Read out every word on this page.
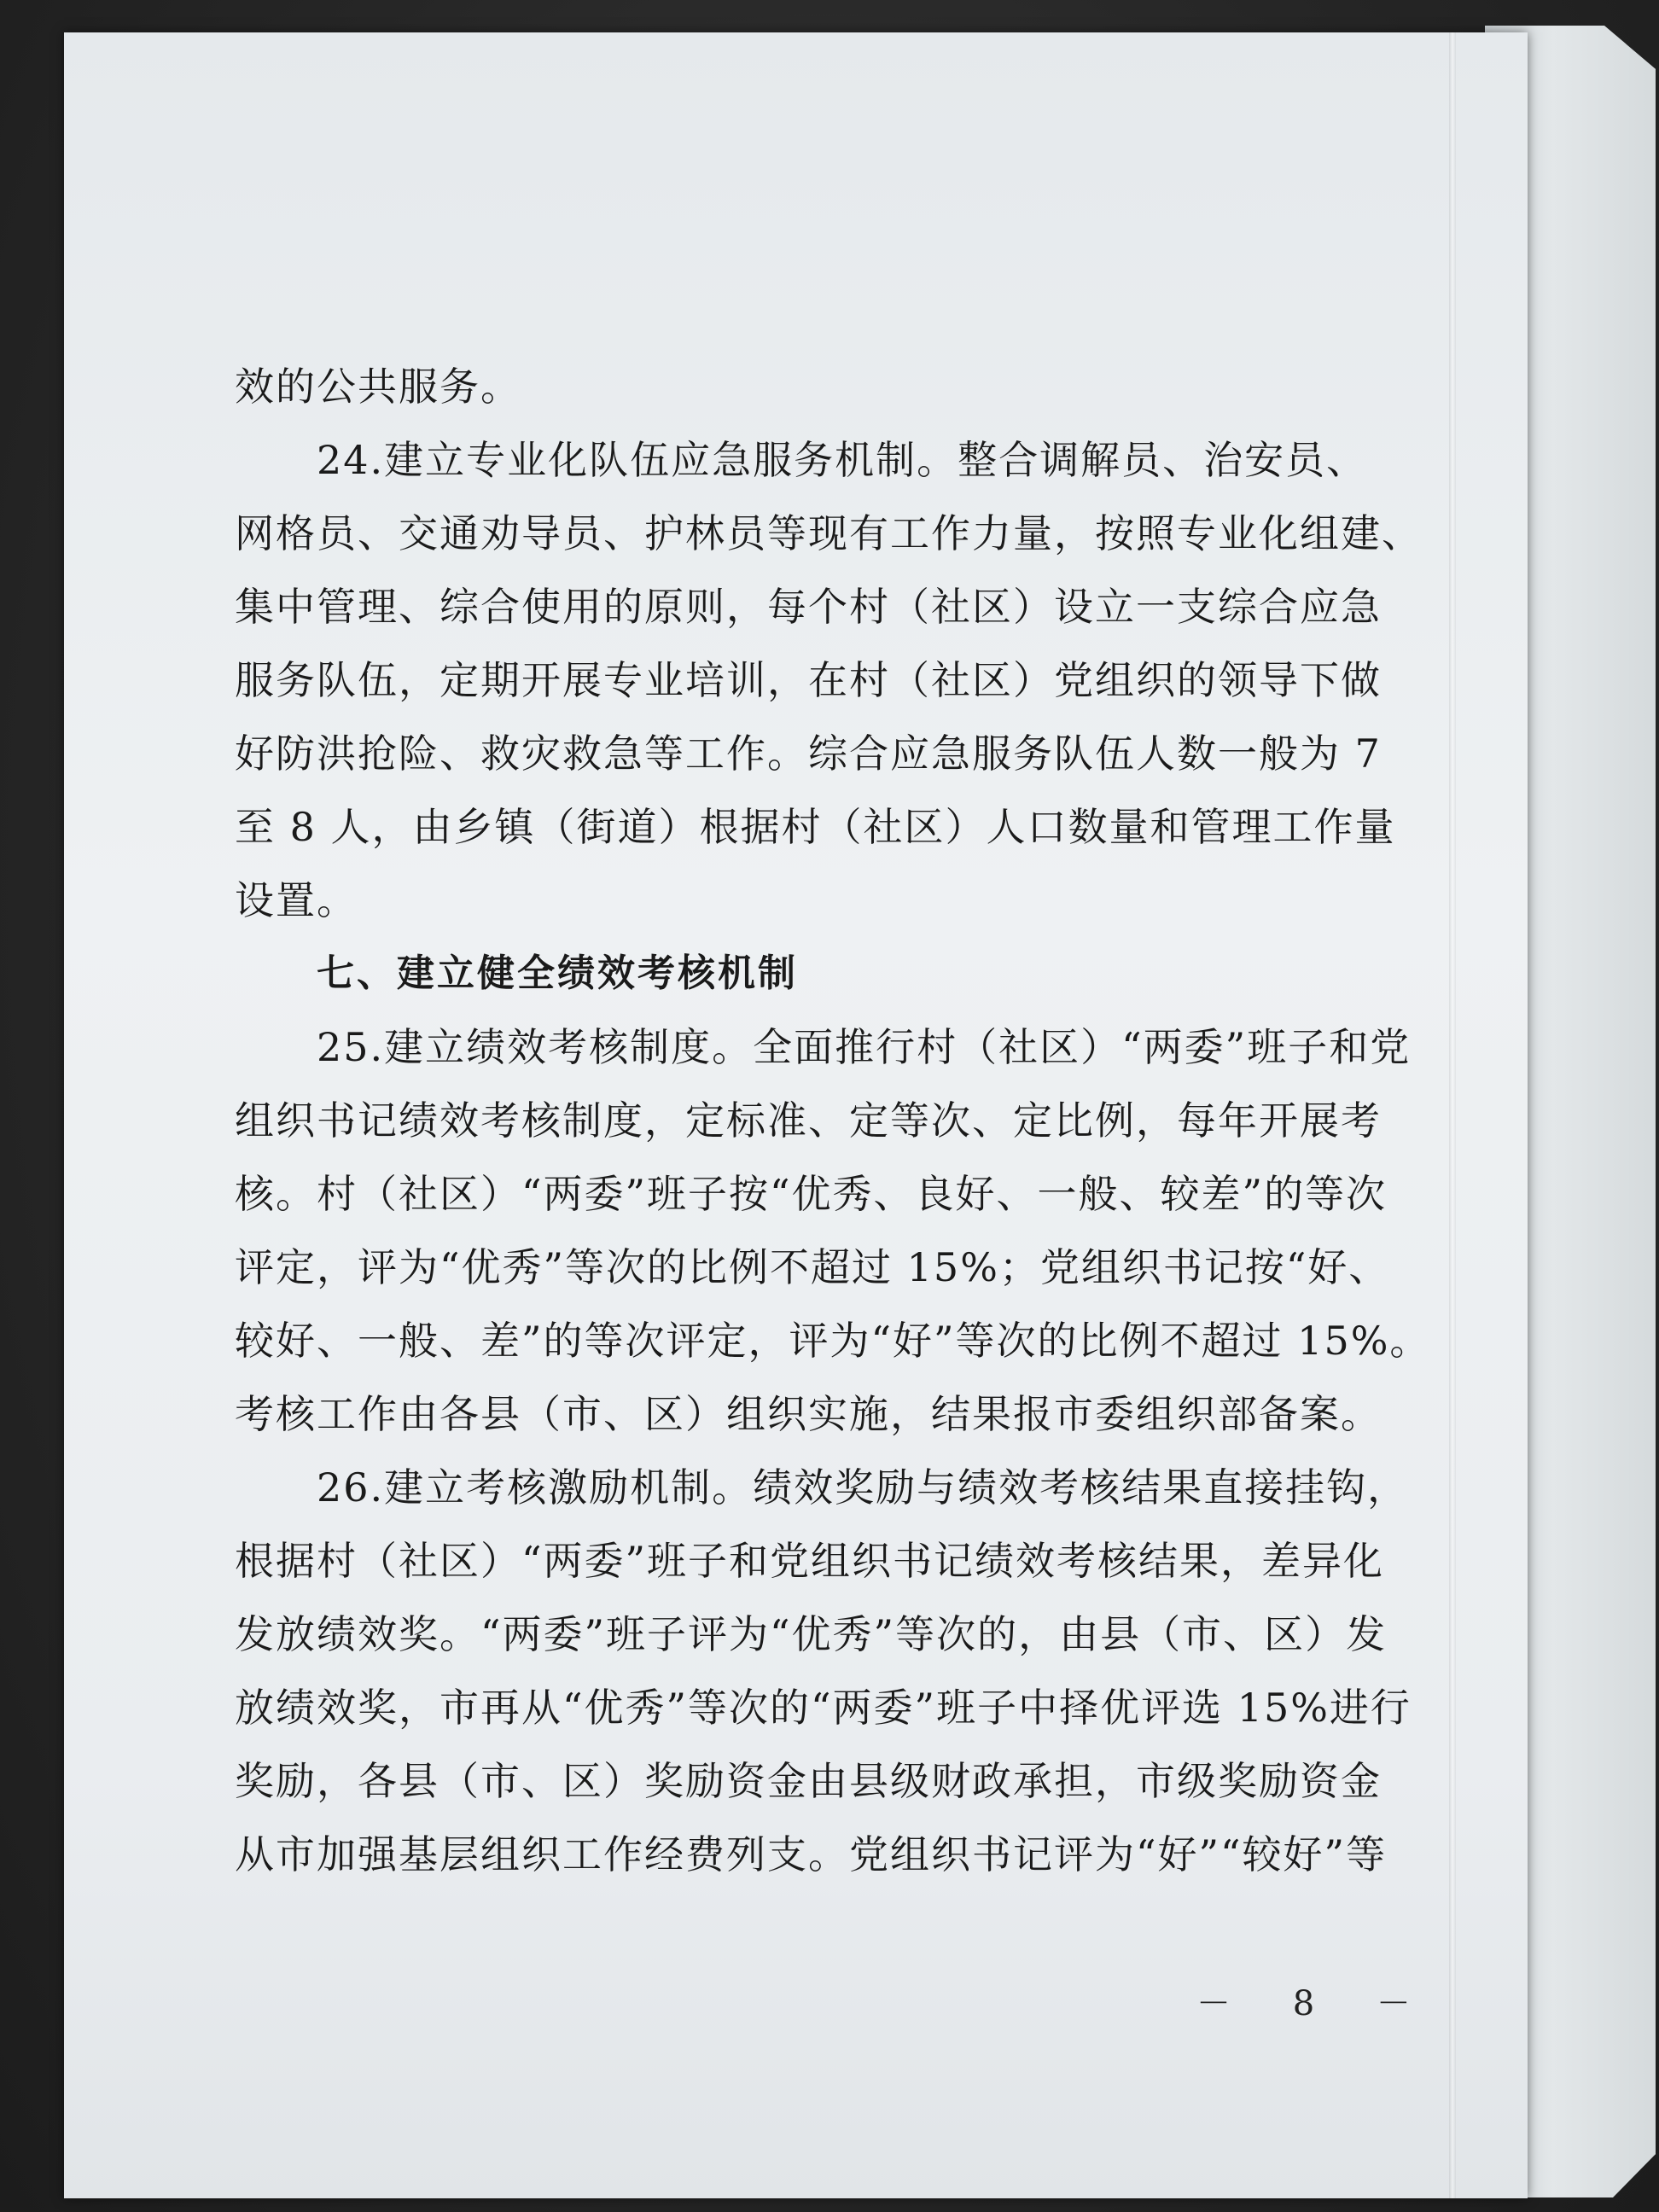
效的公共服务。
24.建立专业化队伍应急服务机制。整合调解员、治安员、
网格员、交通劝导员、护林员等现有工作力量，按照专业化组建、
集中管理、综合使用的原则，每个村（社区）设立一支综合应急
服务队伍，定期开展专业培训，在村（社区）党组织的领导下做
好防洪抢险、救灾救急等工作。综合应急服务队伍人数一般为 7
至 8 人，由乡镇（街道）根据村（社区）人口数量和管理工作量
设置。
七、建立健全绩效考核机制
25.建立绩效考核制度。全面推行村（社区）“两委”班子和党
组织书记绩效考核制度，定标准、定等次、定比例，每年开展考
核。村（社区）“两委”班子按“优秀、良好、一般、较差”的等次
评定，评为“优秀”等次的比例不超过 15%；党组织书记按“好、
较好、一般、差”的等次评定，评为“好”等次的比例不超过 15%。
考核工作由各县（市、区）组织实施，结果报市委组织部备案。
26.建立考核激励机制。绩效奖励与绩效考核结果直接挂钩，
根据村（社区）“两委”班子和党组织书记绩效考核结果，差异化
发放绩效奖。“两委”班子评为“优秀”等次的，由县（市、区）发
放绩效奖，市再从“优秀”等次的“两委”班子中择优评选 15%进行
奖励，各县（市、区）奖励资金由县级财政承担，市级奖励资金
从市加强基层组织工作经费列支。党组织书记评为“好”“较好”等
－ 8 －
